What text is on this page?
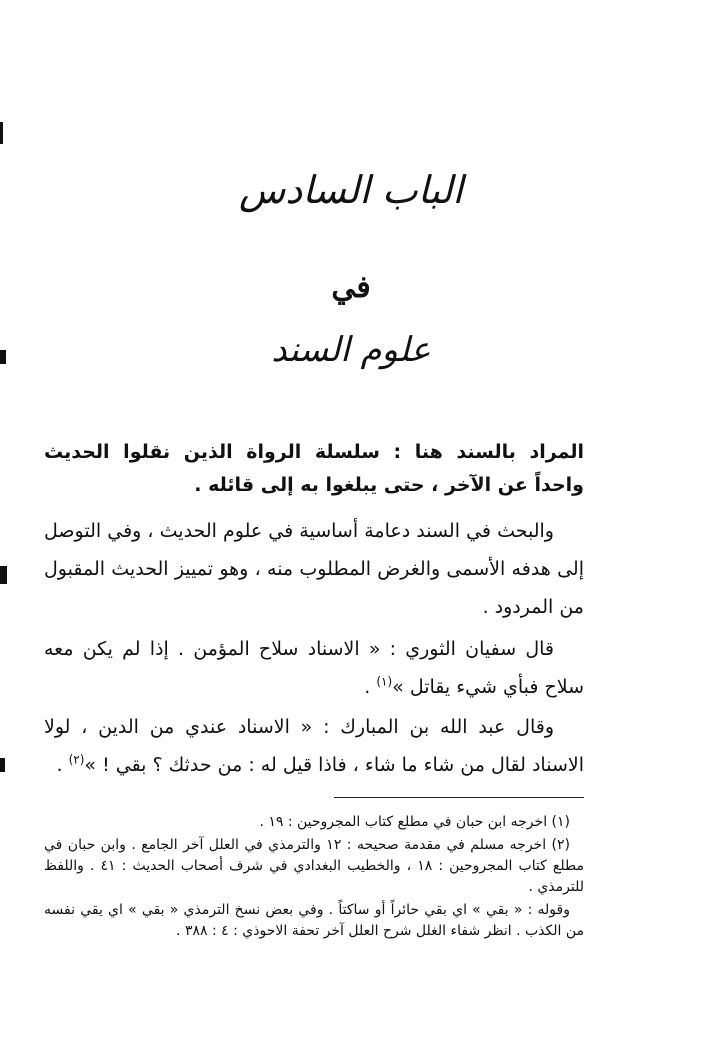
الباب السادس
في
علوم السند
المراد بالسند هنا : سلسلة الرواة الذين نقلوا الحديث واحداً عن الآخر ، حتى يبلغوا به إلى قائله .
والبحث في السند دعامة أساسية في علوم الحديث ، وفي التوصل إلى هدفه الأسمى والغرض المطلوب منه ، وهو تمييز الحديث المقبول من المردود .
قال سفيان الثوري : « الاسناد سلاح المؤمن . إذا لم يكن معه سلاح فبأي شيء يقاتل »$^{(١)}$ .
وقال عبد الله بن المبارك : « الاسناد عندي من الدين ، لولا الاسناد لقال من شاء ما شاء ، فاذا قيل له : من حدثك ؟ بقي ! »$^{(٢)}$ .

(١) اخرجه ابن حبان في مطلع كتاب المجروحين : ١٩ .

(٢) اخرجه مسلم في مقدمة صحيحه : ١٢ والترمذي في العلل آخر الجامع . وابن حبان في مطلع كتاب المجروحين : ١٨ ، والخطيب البغدادي في شرف أصحاب الحديث : ٤١ . واللفظ للترمذي .

وقوله : « بقي » اي بقي حائراً أو ساكتاً . وفي بعض نسخ الترمذي « بقي » اي يقي نفسه من الكذب . انظر شفاء الغلل شرح العلل آخر تحفة الاحوذي : ٤ : ٣٨٨ .
